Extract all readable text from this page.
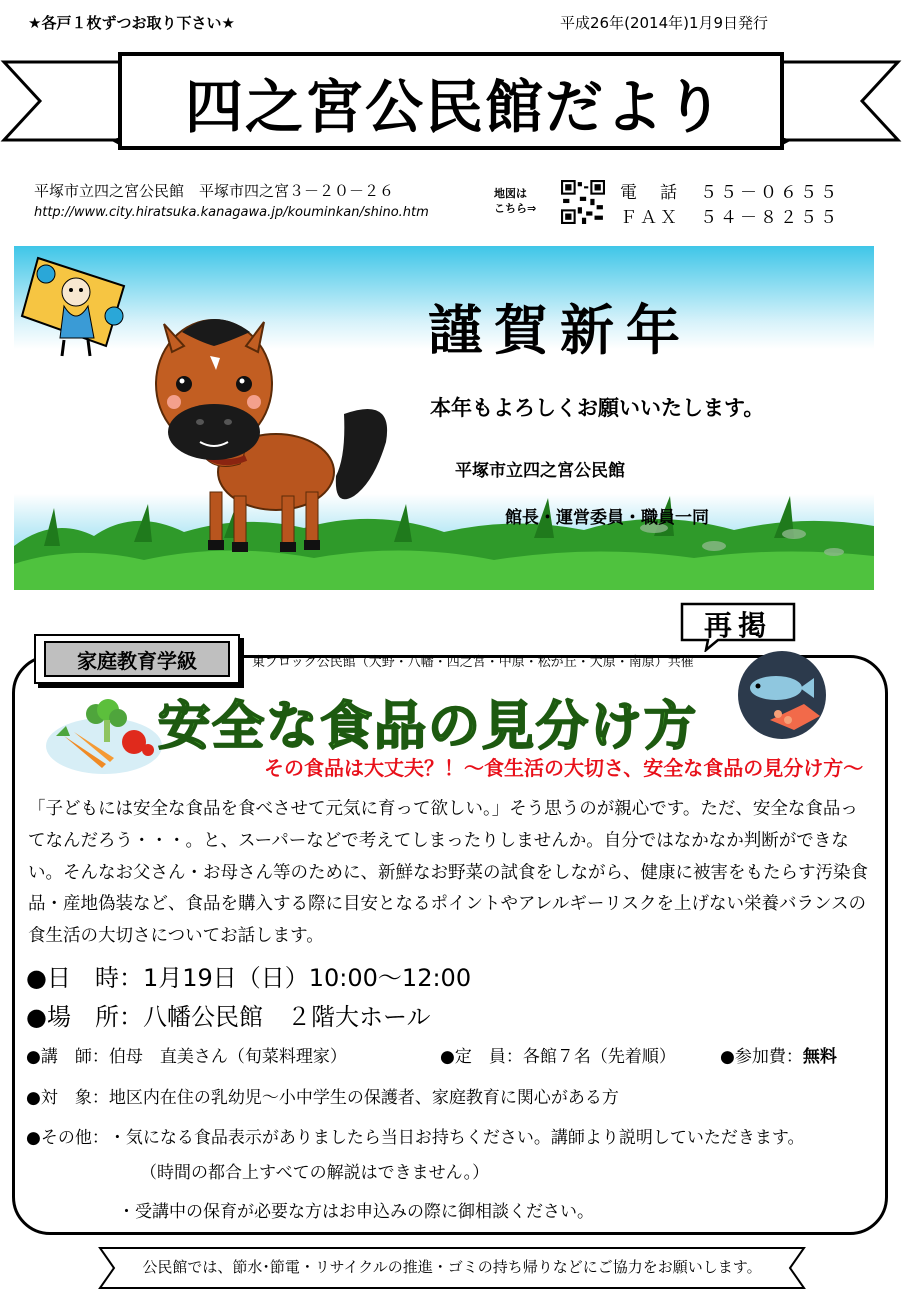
★各戸１枚ずつお取り下さい★	平成26年(2014年)1月9日発行
四之宮公民館だより
平塚市立四之宮公民館　 平塚市四之宮３－２０－２６
http://www.city.hiratsuka.kanagawa.jp/kouminkan/shino.htm
地図は
こちら⇒
電　話　 ５５－０６５５
ＦＡＸ　 ５４－８２５５
謹賀新年
本年もよろしくお願いいたします。
平塚市立四之宮公民館
館長・運営委員・職員一同
家庭教育学級	東ブロック公民館（大野・八幡・四之宮・中原・松が丘・大原・南原）共催
再掲
安全な食品の見分け方
その食品は大丈夫？！～食生活の大切さ、安全な食品の見分け方～
「子どもには安全な食品を食べさせて元気に育って欲しい。」そう思うのが親心です。ただ、安全な食品ってなんだろう・・・。と、スーパーなどで考えてしまったりしませんか。自分ではなかなか判断ができない。そんなお父さん・お母さん等のために、新鮮なお野菜の試食をしながら、健康に被害をもたらす汚染食品・産地偽装など、食品を購入する際に目安となるポイントやアレルギーリスクを上げない栄養バランスの食生活の大切さについてお話します。
●日　時：1月19日（日）10:00～12:00
●場　所：八幡公民館　２階大ホール
●講　師：伯母　直美さん（旬菜料理家）	●定　員：各館７名（先着順）	●参加費：無料
●対　象：地区内在住の乳幼児～小中学生の保護者、家庭教育に関心がある方
●その他：・気になる食品表示がありましたら当日お持ちください。講師より説明していただきます。
（時間の都合上すべての解説はできません。）
・受講中の保育が必要な方はお申込みの際に御相談ください。
公民館では、節水･節電・リサイクルの推進・ゴミの持ち帰りなどにご協力をお願いします。
